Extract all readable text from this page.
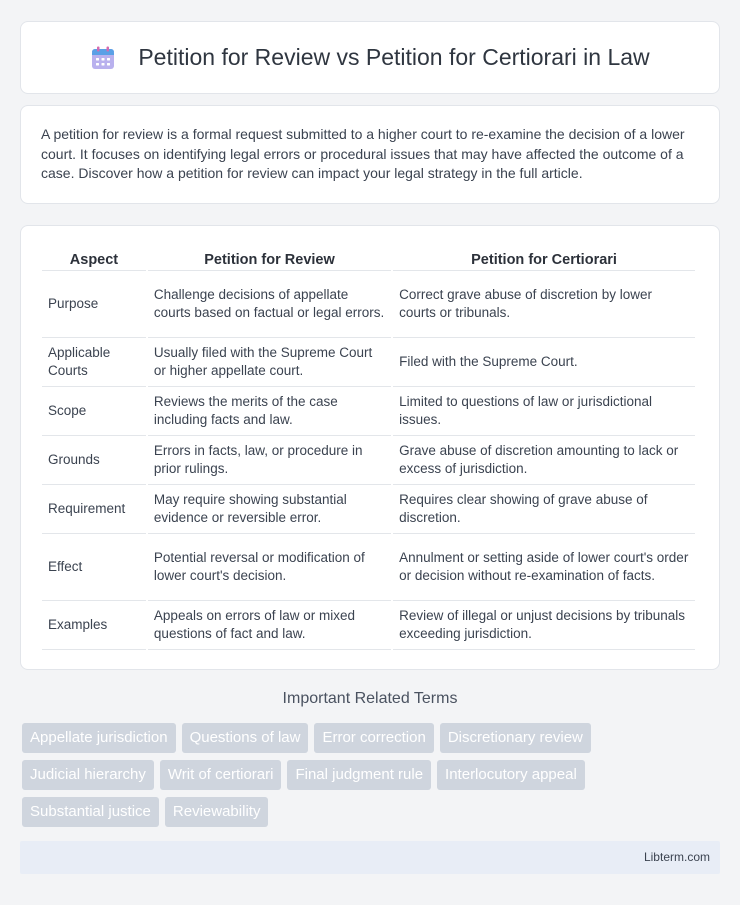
Petition for Review vs Petition for Certiorari in Law

A petition for review is a formal request submitted to a higher court to re-examine the decision of a lower court. It focuses on identifying legal errors or procedural issues that may have affected the outcome of a case. Discover how a petition for review can impact your legal strategy in the full article.

Aspect	Petition for Review	Petition for Certiorari
Purpose	Challenge decisions of appellate courts based on factual or legal errors.	Correct grave abuse of discretion by lower courts or tribunals.
Applicable Courts	Usually filed with the Supreme Court or higher appellate court.	Filed with the Supreme Court.
Scope	Reviews the merits of the case including facts and law.	Limited to questions of law or jurisdictional issues.
Grounds	Errors in facts, law, or procedure in prior rulings.	Grave abuse of discretion amounting to lack or excess of jurisdiction.
Requirement	May require showing substantial evidence or reversible error.	Requires clear showing of grave abuse of discretion.
Effect	Potential reversal or modification of lower court's decision.	Annulment or setting aside of lower court's order or decision without re-examination of facts.
Examples	Appeals on errors of law or mixed questions of fact and law.	Review of illegal or unjust decisions by tribunals exceeding jurisdiction.
Important Related Terms
Appellate jurisdiction	Questions of law	Error correction	Discretionary review
Judicial hierarchy	Writ of certiorari	Final judgment rule	Interlocutory appeal
Substantial justice	Reviewability
Libterm.com
